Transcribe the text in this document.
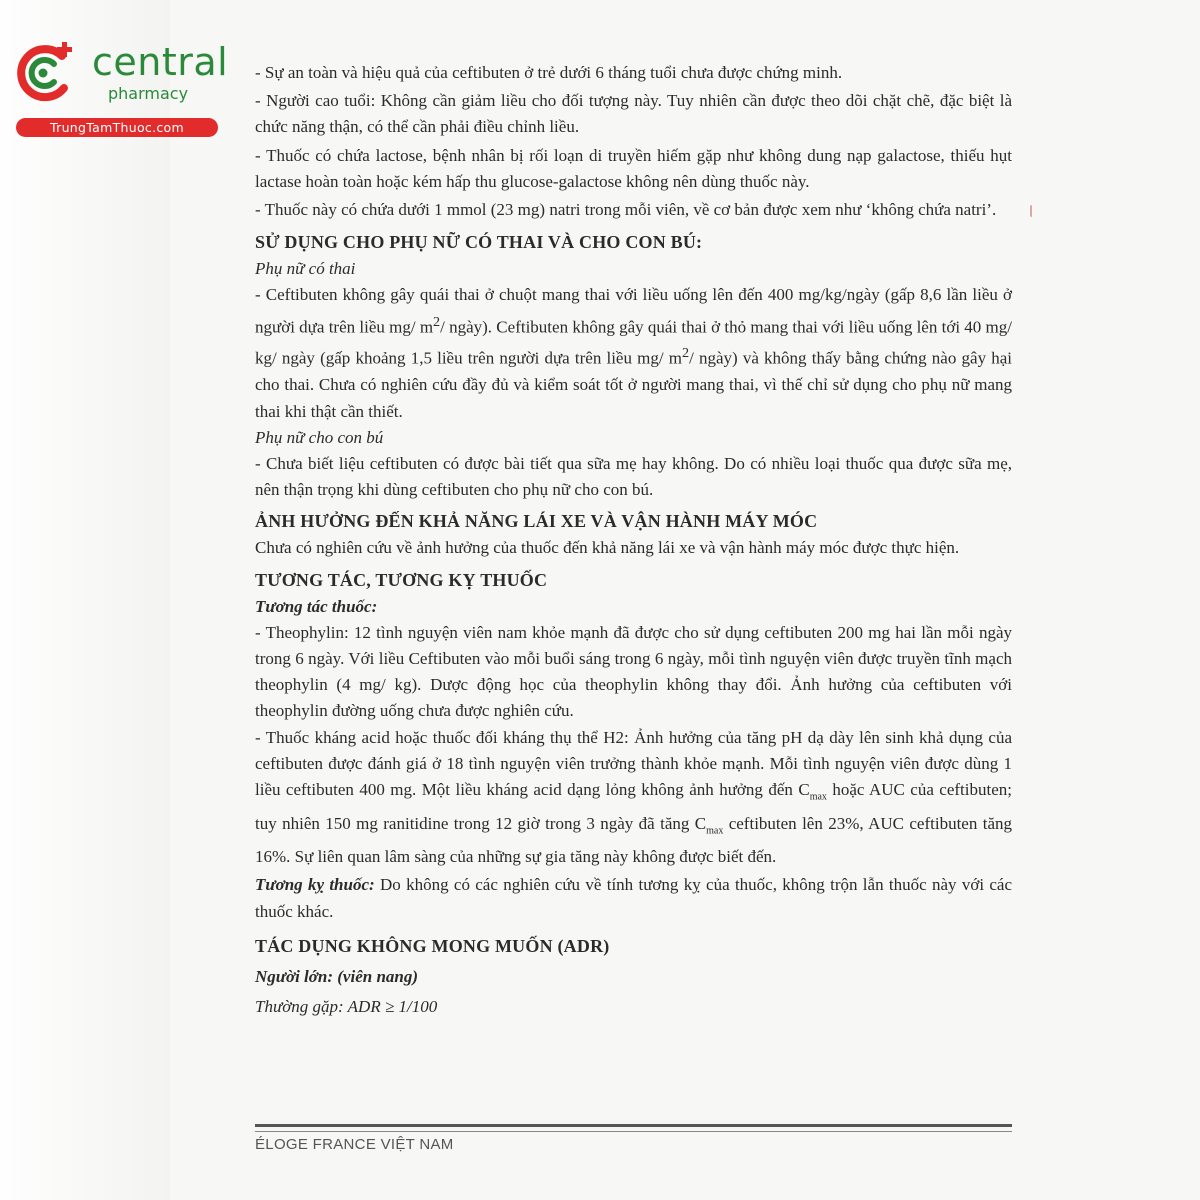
central
pharmacy
TrungTamThuoc.com

- Sự an toàn và hiệu quả của ceftibuten ở trẻ dưới 6 tháng tuổi chưa được chứng minh.

- Người cao tuổi: Không cần giảm liều cho đối tượng này. Tuy nhiên cần được theo dõi chặt chẽ, đặc biệt là chức năng thận, có thể cần phải điều chỉnh liều.

- Thuốc có chứa lactose, bệnh nhân bị rối loạn di truyền hiếm gặp như không dung nạp galactose, thiếu hụt lactase hoàn toàn hoặc kém hấp thu glucose-galactose không nên dùng thuốc này.

- Thuốc này có chứa dưới 1 mmol (23 mg) natri trong mỗi viên, về cơ bản được xem như ‘không chứa natri’.

SỬ DỤNG CHO PHỤ NỮ CÓ THAI VÀ CHO CON BÚ:

Phụ nữ có thai

- Ceftibuten không gây quái thai ở chuột mang thai với liều uống lên đến 400 mg/kg/ngày (gấp 8,6 lần liều ở người dựa trên liều mg/ $m^2/$ ngày). Ceftibuten không gây quái thai ở thỏ mang thai với liều uống lên tới 40 mg/ kg/ ngày (gấp khoảng 1,5 liều trên người dựa trên liều mg/ $m^2/$ ngày) và không thấy bằng chứng nào gây hại cho thai. Chưa có nghiên cứu đầy đủ và kiểm soát tốt ở người mang thai, vì thế chỉ sử dụng cho phụ nữ mang thai khi thật cần thiết.

Phụ nữ cho con bú

- Chưa biết liệu ceftibuten có được bài tiết qua sữa mẹ hay không. Do có nhiều loại thuốc qua được sữa mẹ, nên thận trọng khi dùng ceftibuten cho phụ nữ cho con bú.

ẢNH HƯỞNG ĐẾN KHẢ NĂNG LÁI XE VÀ VẬN HÀNH MÁY MÓC

Chưa có nghiên cứu về ảnh hưởng của thuốc đến khả năng lái xe và vận hành máy móc được thực hiện.

TƯƠNG TÁC, TƯƠNG KỴ THUỐC

Tương tác thuốc:

- Theophylin: 12 tình nguyện viên nam khỏe mạnh đã được cho sử dụng ceftibuten 200 mg hai lần mỗi ngày trong 6 ngày. Với liều Ceftibuten vào mỗi buổi sáng trong 6 ngày, mỗi tình nguyện viên được truyền tĩnh mạch theophylin (4 mg/ kg). Dược động học của theophylin không thay đổi. Ảnh hưởng của ceftibuten với theophylin đường uống chưa được nghiên cứu.

- Thuốc kháng acid hoặc thuốc đối kháng thụ thể H2: Ảnh hưởng của tăng pH dạ dày lên sinh khả dụng của ceftibuten được đánh giá ở 18 tình nguyện viên trưởng thành khỏe mạnh. Mỗi tình nguyện viên được dùng 1 liều ceftibuten 400 mg. Một liều kháng acid dạng lỏng không ảnh hưởng đến $C_{max}$ hoặc AUC của ceftibuten; tuy nhiên 150 mg ranitidine trong 12 giờ trong 3 ngày đã tăng $C_{max}$ ceftibuten lên 23%, AUC ceftibuten tăng 16%. Sự liên quan lâm sàng của những sự gia tăng này không được biết đến.

Tương kỵ thuốc: Do không có các nghiên cứu về tính tương kỵ của thuốc, không trộn lẫn thuốc này với các thuốc khác.

TÁC DỤNG KHÔNG MONG MUỐN (ADR)

Người lớn: (viên nang)

Thường gặp: ADR ≥ 1/100

ÉLOGE FRANCE VIỆT NAM
